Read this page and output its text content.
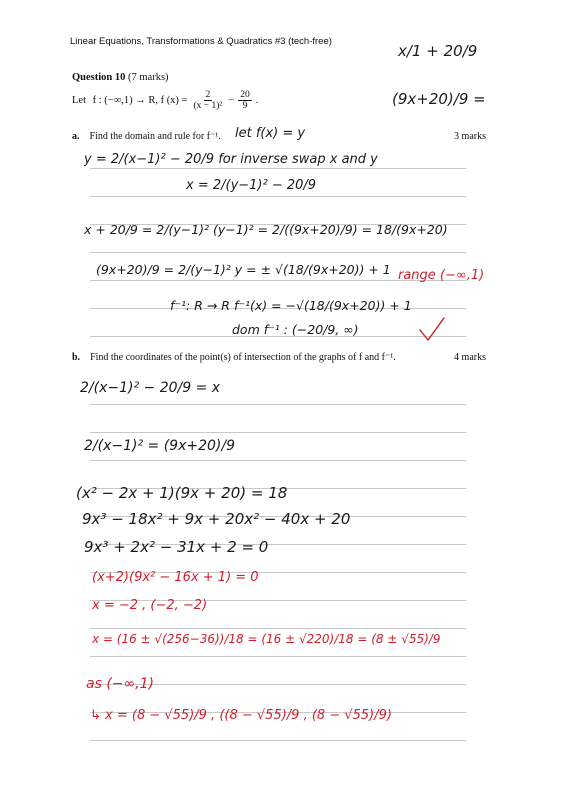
Linear Equations, Transformations & Quadratics #3 (tech-free)
Question 10 (7 marks)
Let
f : (−∞,1) → R, f $(x) = \frac{2}{\text{(x − 1)²}} - \frac{20}{9}$ .
a. Find the domain and rule for f⁻¹.	3 marks
b. Find the coordinates of the point(s) of intersection of the graphs of f and f⁻¹.	4 marks
x/1 + 20/9
(9x+20)/9 =
let f(x) = y
y = 2/(x−1)² − 20/9 for inverse swap x and y
x = 2/(y−1)² − 20/9
x + 20/9 = 2/(y−1)² (y−1)² = 2/((9x+20)/9) = 18/(9x+20)
(9x+20)/9 = 2/(y−1)² y = ± √(18/(9x+20)) + 1 range (−∞,1)
f⁻¹: R → R f⁻¹(x) = −√(18/(9x+20)) + 1
dom f⁻¹ : (−20/9, ∞)
2/(x−1)² − 20/9 = x
2/(x−1)² = (9x+20)/9
(x² − 2x + 1)(9x + 20) = 18
9x³ − 18x² + 9x + 20x² − 40x + 20
9x³ + 2x² − 31x + 2 = 0
(x+2)(9x² − 16x + 1) = 0
x = −2 , (−2, −2)
x = (16 ± √(256−36))/18 = (16 ± √220)/18 = (8 ± √55)/9
as (−∞,1)
↳ x = (8 − √55)/9 , ((8 − √55)/9 , (8 − √55)/9)
